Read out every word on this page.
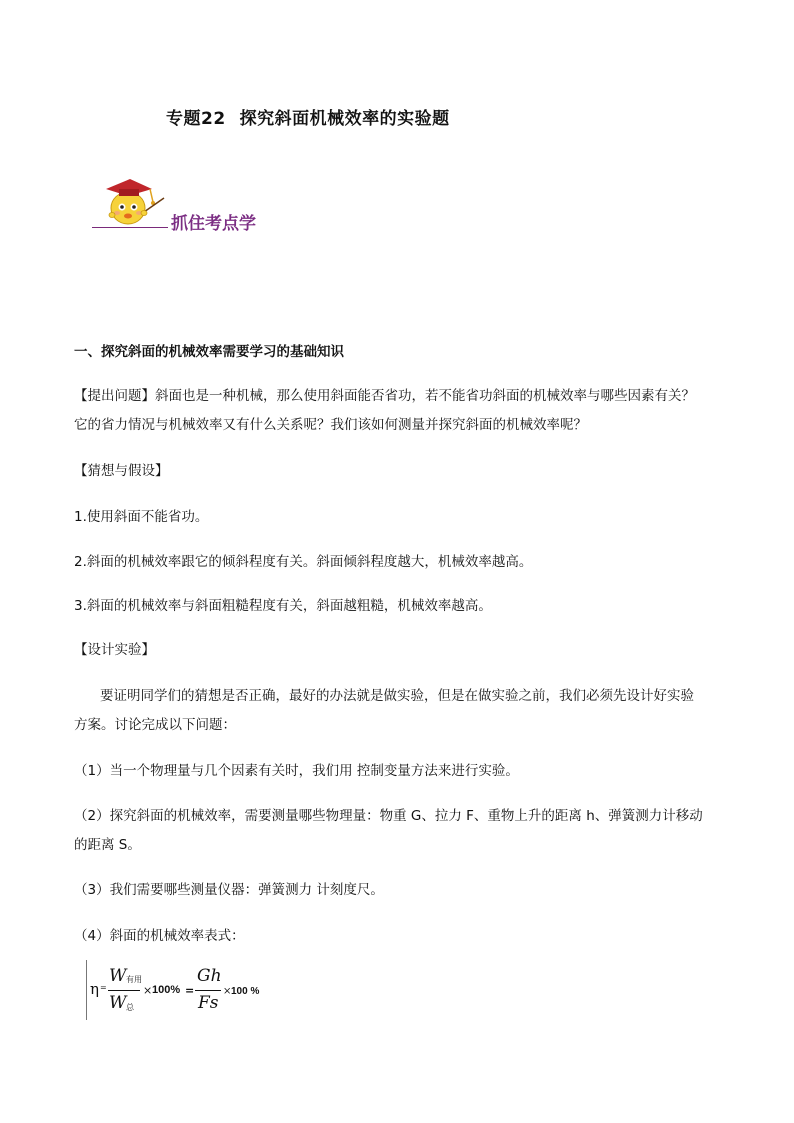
专题22 探究斜面机械效率的实验题
抓住考点学
一、探究斜面的机械效率需要学习的基础知识
【提出问题】斜面也是一种机械，那么使用斜面能否省功，若不能省功斜面的机械效率与哪些因素有关？
它的省力情况与机械效率又有什么关系呢？我们该如何测量并探究斜面的机械效率呢？
【猜想与假设】
1.使用斜面不能省功。
2.斜面的机械效率跟它的倾斜程度有关。斜面倾斜程度越大，机械效率越高。
3.斜面的机械效率与斜面粗糙程度有关，斜面越粗糙，机械效率越高。
【设计实验】
要证明同学们的猜想是否正确，最好的办法就是做实验，但是在做实验之前，我们必须先设计好实验
方案。讨论完成以下问题：
（1）当一个物理量与几个因素有关时，我们用 控制变量方法来进行实验。
（2）探究斜面的机械效率，需要测量哪些物理量：物重 G、拉力 F、重物上升的距离 h、弹簧测力计移动
的距离 S。
（3）我们需要哪些测量仪器：弹簧测力 计刻度尺。
（4）斜面的机械效率表式：
η =
W 有用
W 总
× 100% =
Gh
Fs
× 100 %
